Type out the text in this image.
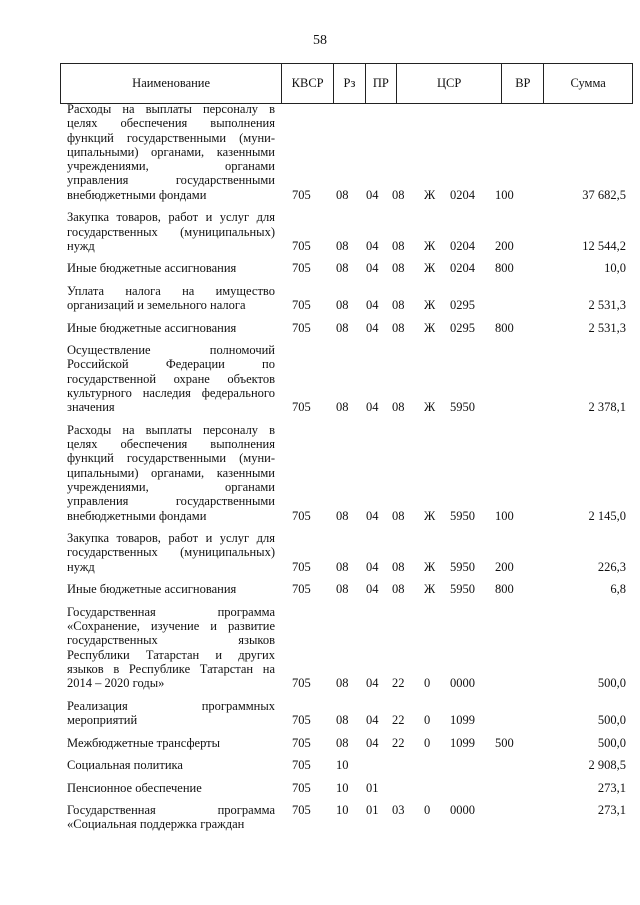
58
Наименование	КВСР	Рз	ПР	ЦСР	ВР	Сумма
Расходы на выплаты персоналу в
целях обеспечения выполнения
функций государственными (муни-
ципальными) органами, казенными
учреждениями, органами
управления государственными
внебюджетными фондами	705 08 04 08 Ж 0204 100	37 682,5
Закупка товаров, работ и услуг для
государственных (муниципальных)
нужд	705 08 04 08 Ж 0204 200	12 544,2
Иные бюджетные ассигнования	705 08 04 08 Ж 0204 800	10,0
Уплата налога на имущество
организаций и земельного налога	705 08 04 08 Ж 0295	2 531,3
Иные бюджетные ассигнования	705 08 04 08 Ж 0295 800	2 531,3
Осуществление полномочий
Российской Федерации по
государственной охране объектов
культурного наследия федерального
значения	705 08 04 08 Ж 5950	2 378,1
Расходы на выплаты персоналу в
целях обеспечения выполнения
функций государственными (муни-
ципальными) органами, казенными
учреждениями, органами
управления государственными
внебюджетными фондами	705 08 04 08 Ж 5950 100	2 145,0
Закупка товаров, работ и услуг для
государственных (муниципальных)
нужд	705 08 04 08 Ж 5950 200	226,3
Иные бюджетные ассигнования	705 08 04 08 Ж 5950 800	6,8
Государственная программа
«Сохранение, изучение и развитие
государственных языков
Республики Татарстан и других
языков в Республике Татарстан на
2014 – 2020 годы»	705 08 04 22 0 0000	500,0
Реализация программных
мероприятий	705 08 04 22 0 1099	500,0
Межбюджетные трансферты	705 08 04 22 0 1099 500	500,0
Социальная политика	705 10	2 908,5
Пенсионное обеспечение	705 10 01	273,1
Государственная программа
«Социальная поддержка граждан
705 10 01 03 0 0000	273,1
